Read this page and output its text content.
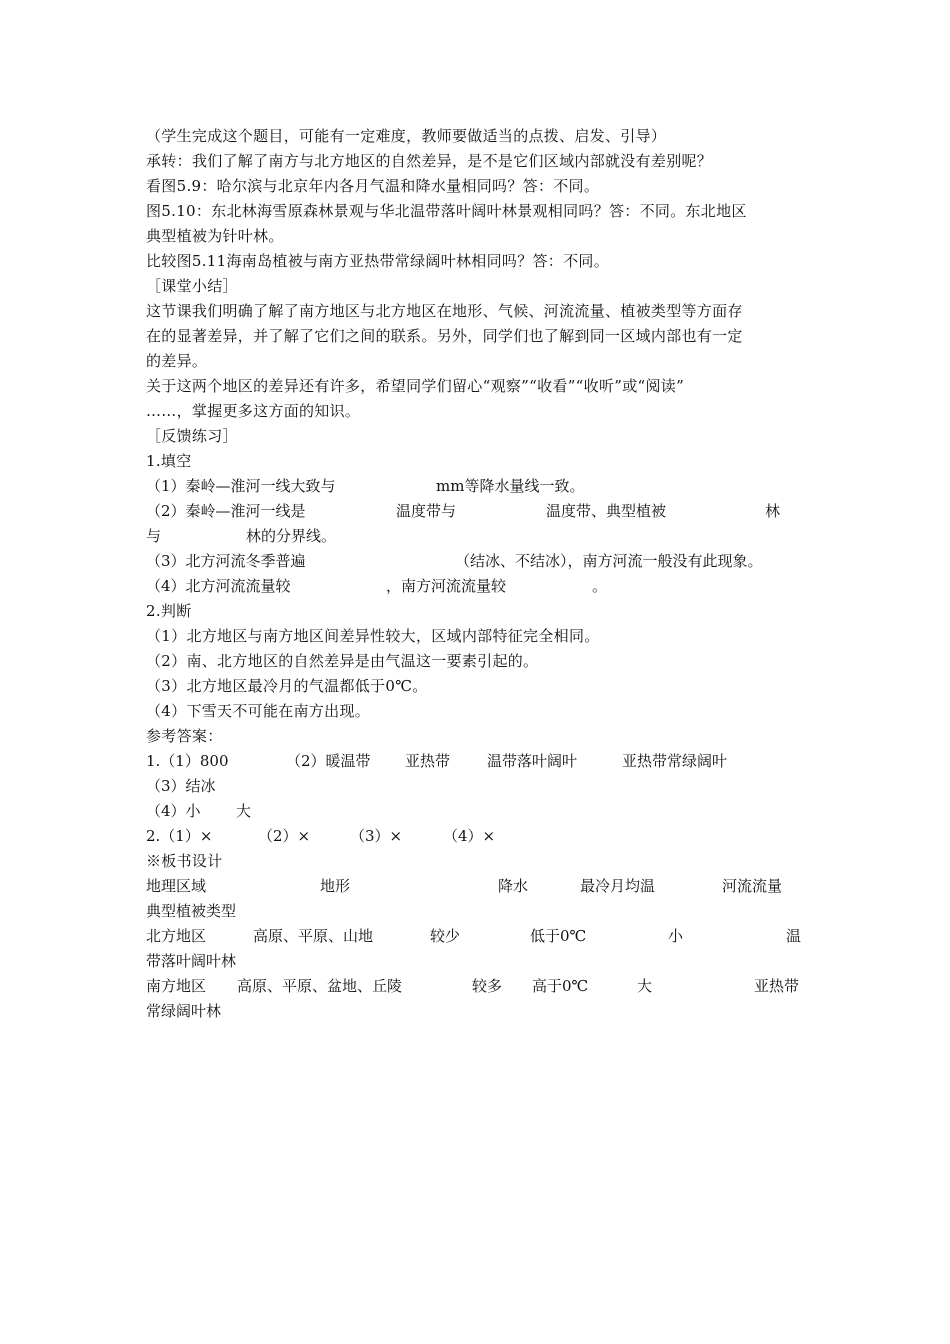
（学生完成这个题目，可能有一定难度，教师要做适当的点拨、启发、引导）
承转：我们了解了南方与北方地区的自然差异，是不是它们区域内部就没有差别呢？
看图5.9：哈尔滨与北京年内各月气温和降水量相同吗？答：不同。
图5.10：东北林海雪原森林景观与华北温带落叶阔叶林景观相同吗？答：不同。东北地区
典型植被为针叶林。
比较图5.11海南岛植被与南方亚热带常绿阔叶林相同吗？答：不同。
［课堂小结］
这节课我们明确了解了南方地区与北方地区在地形、气候、河流流量、植被类型等方面存
在的显著差异，并了解了它们之间的联系。另外，同学们也了解到同一区域内部也有一定
的差异。
关于这两个地区的差异还有许多，希望同学们留心“观察”“收看”“收听”或“阅读”
……，掌握更多这方面的知识。
［反馈练习］
1.填空
（1）秦岭—淮河一线大致与	mm等降水量线一致。
（2）秦岭—淮河一线是	温度带与	温度带、典型植被	林
与	林的分界线。
（3）北方河流冬季普遍	（结冰、不结冰），南方河流一般没有此现象。
（4）北方河流流量较	，南方河流流量较	。
2.判断
（1）北方地区与南方地区间差异性较大，区域内部特征完全相同。
（2）南、北方地区的自然差异是由气温这一要素引起的。
（3）北方地区最冷月的气温都低于0℃。
（4）下雪天不可能在南方出现。
参考答案：
1.（1）800	（2）暖温带 亚热带 温带落叶阔叶	亚热带常绿阔叶
（3）结冰
（4）小 大
2.（1）×	（2）×	（3）×	（4）×
※板书设计
地理区域	地形	降水	最冷月均温	河流流量
典型植被类型
北方地区	高原、平原、山地	较少	低于0℃	小	温
带落叶阔叶林
南方地区 高原、平原、盆地、丘陵	较多 高于0℃	大	亚热带
常绿阔叶林
